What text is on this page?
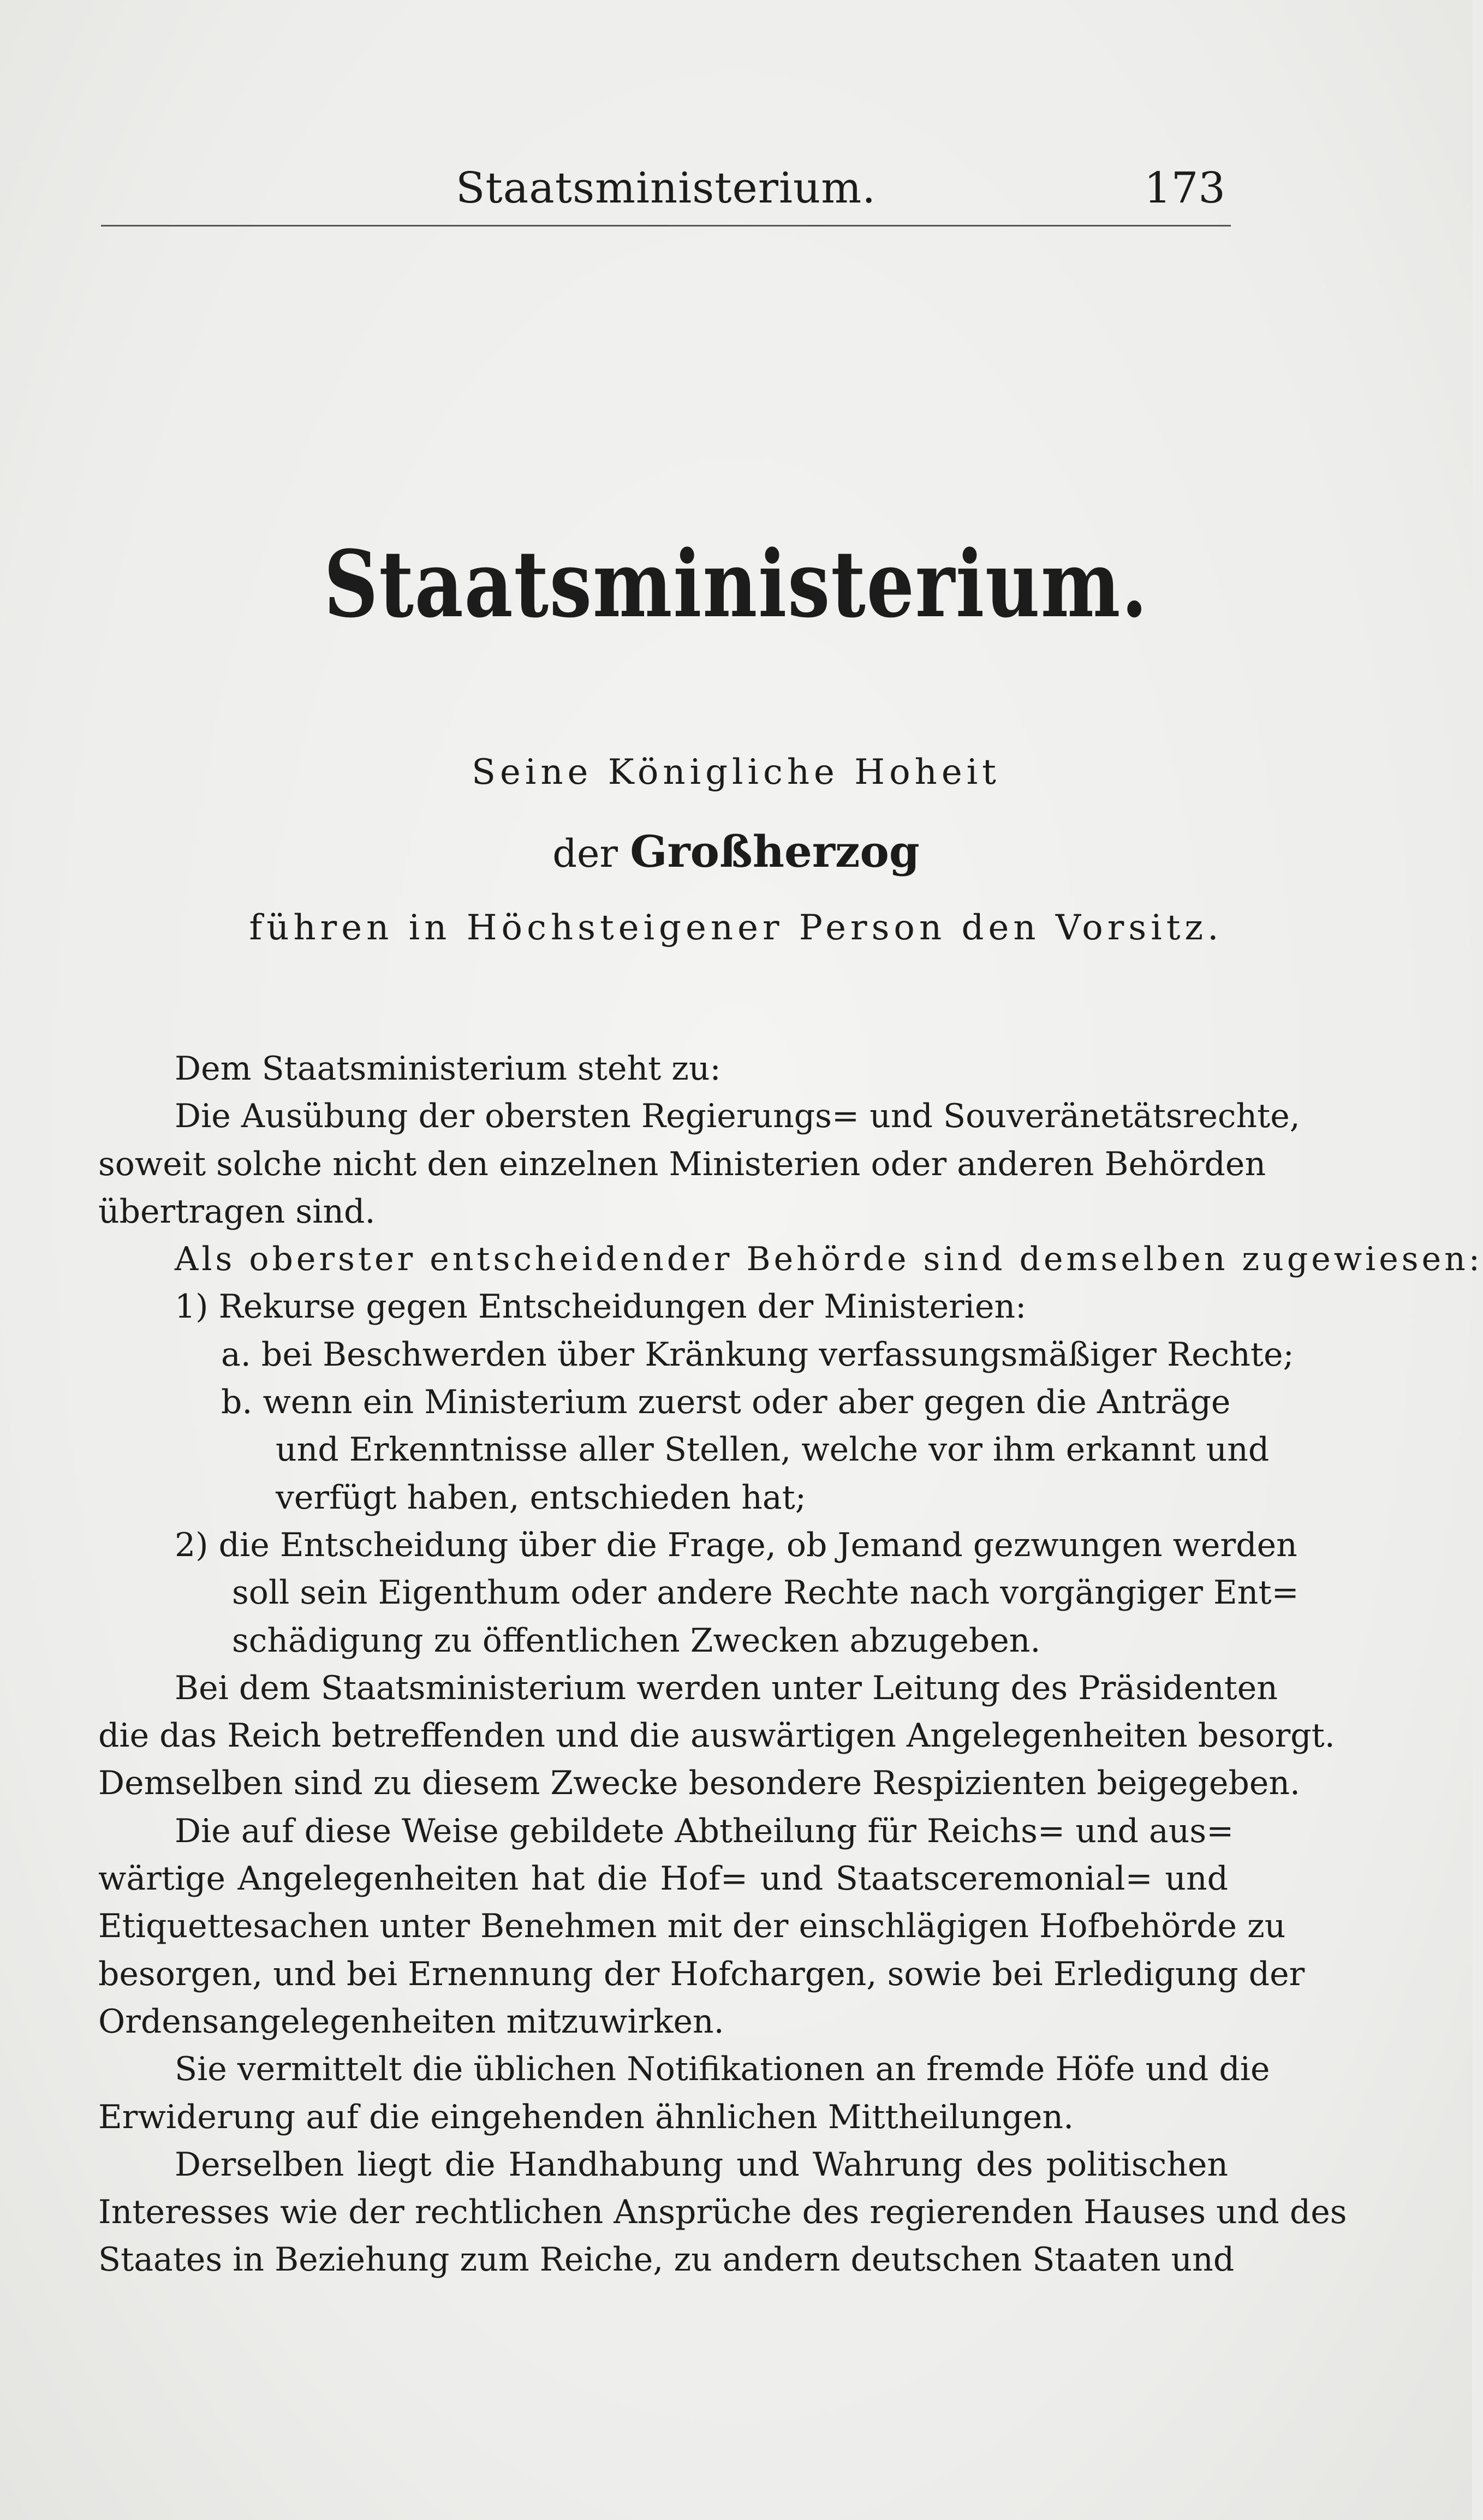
Staatsministerium.	173
Staatsministerium.
Seine Königliche Hoheit
der Großherzog
führen in Höchsteigener Person den Vorsitz.
Dem Staatsministerium steht zu:
Die Ausübung der obersten Regierungs= und Souveränetätsrechte,
soweit solche nicht den einzelnen Ministerien oder anderen Behörden
übertragen sind.
Als oberster entscheidender Behörde sind demselben zugewiesen:
1) Rekurse gegen Entscheidungen der Ministerien:
a. bei Beschwerden über Kränkung verfassungsmäßiger Rechte;
b. wenn ein Ministerium zuerst oder aber gegen die Anträge
und Erkenntnisse aller Stellen, welche vor ihm erkannt und
verfügt haben, entschieden hat;
2) die Entscheidung über die Frage, ob Jemand gezwungen werden
soll sein Eigenthum oder andere Rechte nach vorgängiger Ent=
schädigung zu öffentlichen Zwecken abzugeben.
Bei dem Staatsministerium werden unter Leitung des Präsidenten
die das Reich betreffenden und die auswärtigen Angelegenheiten besorgt.
Demselben sind zu diesem Zwecke besondere Respizienten beigegeben.
Die auf diese Weise gebildete Abtheilung für Reichs= und aus=
wärtige Angelegenheiten hat die Hof= und Staatsceremonial= und
Etiquettesachen unter Benehmen mit der einschlägigen Hofbehörde zu
besorgen, und bei Ernennung der Hofchargen, sowie bei Erledigung der
Ordensangelegenheiten mitzuwirken.
Sie vermittelt die üblichen Notifikationen an fremde Höfe und die
Erwiderung auf die eingehenden ähnlichen Mittheilungen.
Derselben liegt die Handhabung und Wahrung des politischen
Interesses wie der rechtlichen Ansprüche des regierenden Hauses und des
Staates in Beziehung zum Reiche, zu andern deutschen Staaten und
